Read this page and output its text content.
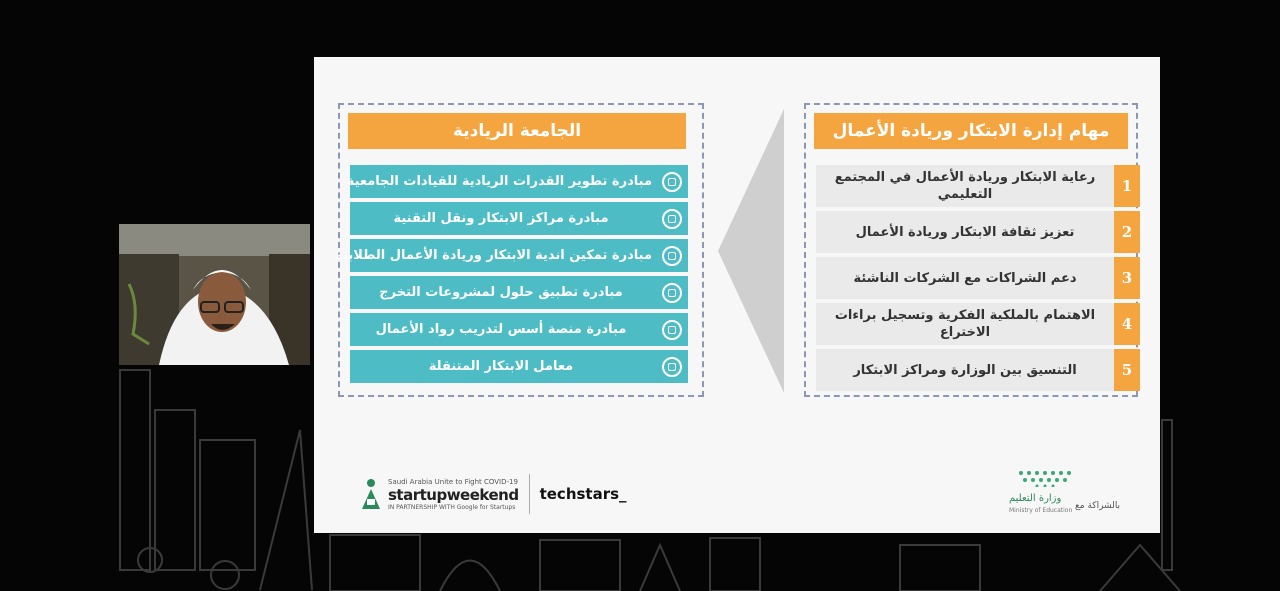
الجامعة الريادية
مبادرة تطوير القدرات الريادية للقيادات الجامعية
مبادرة مراكز الابتكار ونقل التقنية
مبادرة تمكين اندية الابتكار وريادة الأعمال الطلابية
مبادرة تطبيق حلول لمشروعات التخرج
مبادرة منصة أسس لتدريب رواد الأعمال
معامل الابتكار المتنقلة
مهام إدارة الابتكار وريادة الأعمال
1
رعاية الابتكار وريادة الأعمال في المجتمع التعليمي
2
تعزيز ثقافة الابتكار وريادة الأعمال
3
دعم الشراكات مع الشركات الناشئة
4
الاهتمام بالملكية الفكرية وتسجيل براءات الاختراع
5
التنسيق بين الوزارة ومراكز الابتكار
Saudi Arabia Unite to Fight COVID-19
startupweekend
IN PARTNERSHIP WITH Google for Startups
techstars_	وزارة التعليم
Ministry of Education بالشراكة مع
